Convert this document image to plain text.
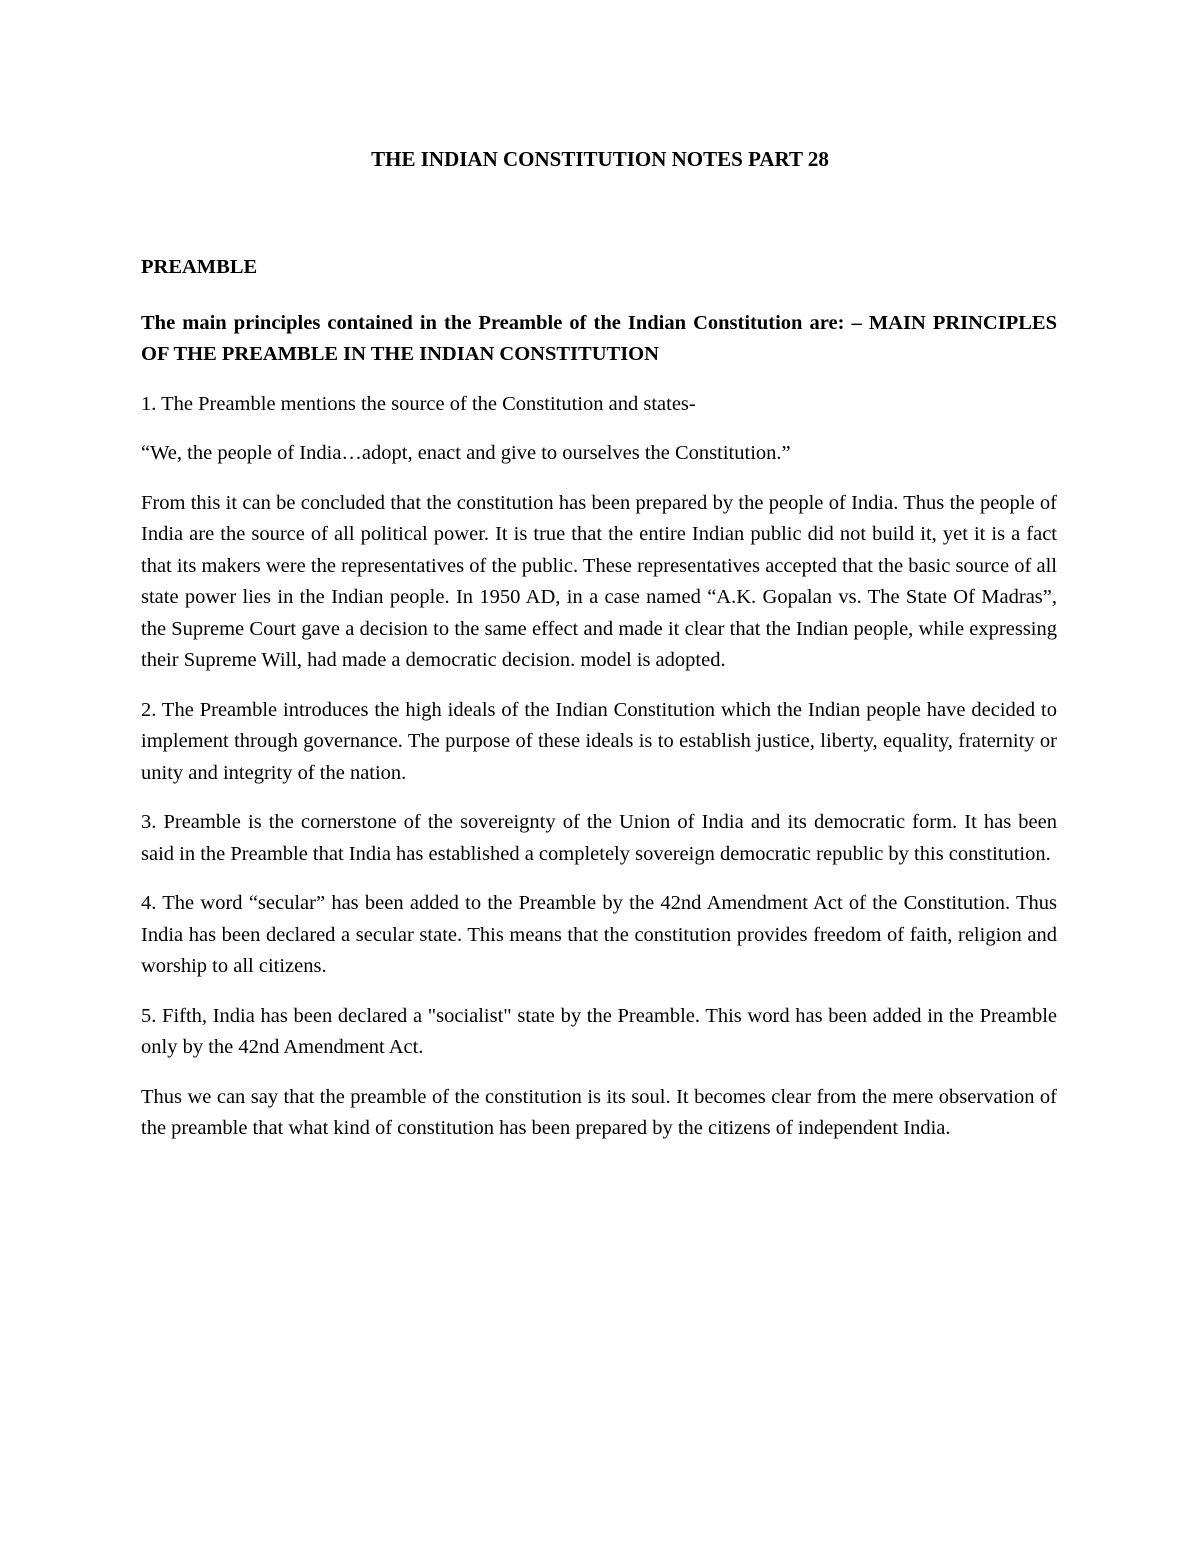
THE INDIAN CONSTITUTION NOTES PART 28

PREAMBLE

The main principles contained in the Preamble of the Indian Constitution are: – MAIN PRINCIPLES OF THE PREAMBLE IN THE INDIAN CONSTITUTION

1. The Preamble mentions the source of the Constitution and states-

“We, the people of India…adopt, enact and give to ourselves the Constitution.”

From this it can be concluded that the constitution has been prepared by the people of India. Thus the people of India are the source of all political power. It is true that the entire Indian public did not build it, yet it is a fact that its makers were the representatives of the public. These representatives accepted that the basic source of all state power lies in the Indian people. In 1950 AD, in a case named “A.K. Gopalan vs. The State Of Madras”, the Supreme Court gave a decision to the same effect and made it clear that the Indian people, while expressing their Supreme Will, had made a democratic decision. model is adopted.

2. The Preamble introduces the high ideals of the Indian Constitution which the Indian people have decided to implement through governance. The purpose of these ideals is to establish justice, liberty, equality, fraternity or unity and integrity of the nation.

3. Preamble is the cornerstone of the sovereignty of the Union of India and its democratic form. It has been said in the Preamble that India has established a completely sovereign democratic republic by this constitution.

4. The word “secular” has been added to the Preamble by the 42nd Amendment Act of the Constitution. Thus India has been declared a secular state. This means that the constitution provides freedom of faith, religion and worship to all citizens.

5. Fifth, India has been declared a "socialist" state by the Preamble. This word has been added in the Preamble only by the 42nd Amendment Act.

Thus we can say that the preamble of the constitution is its soul. It becomes clear from the mere observation of the preamble that what kind of constitution has been prepared by the citizens of independent India.
